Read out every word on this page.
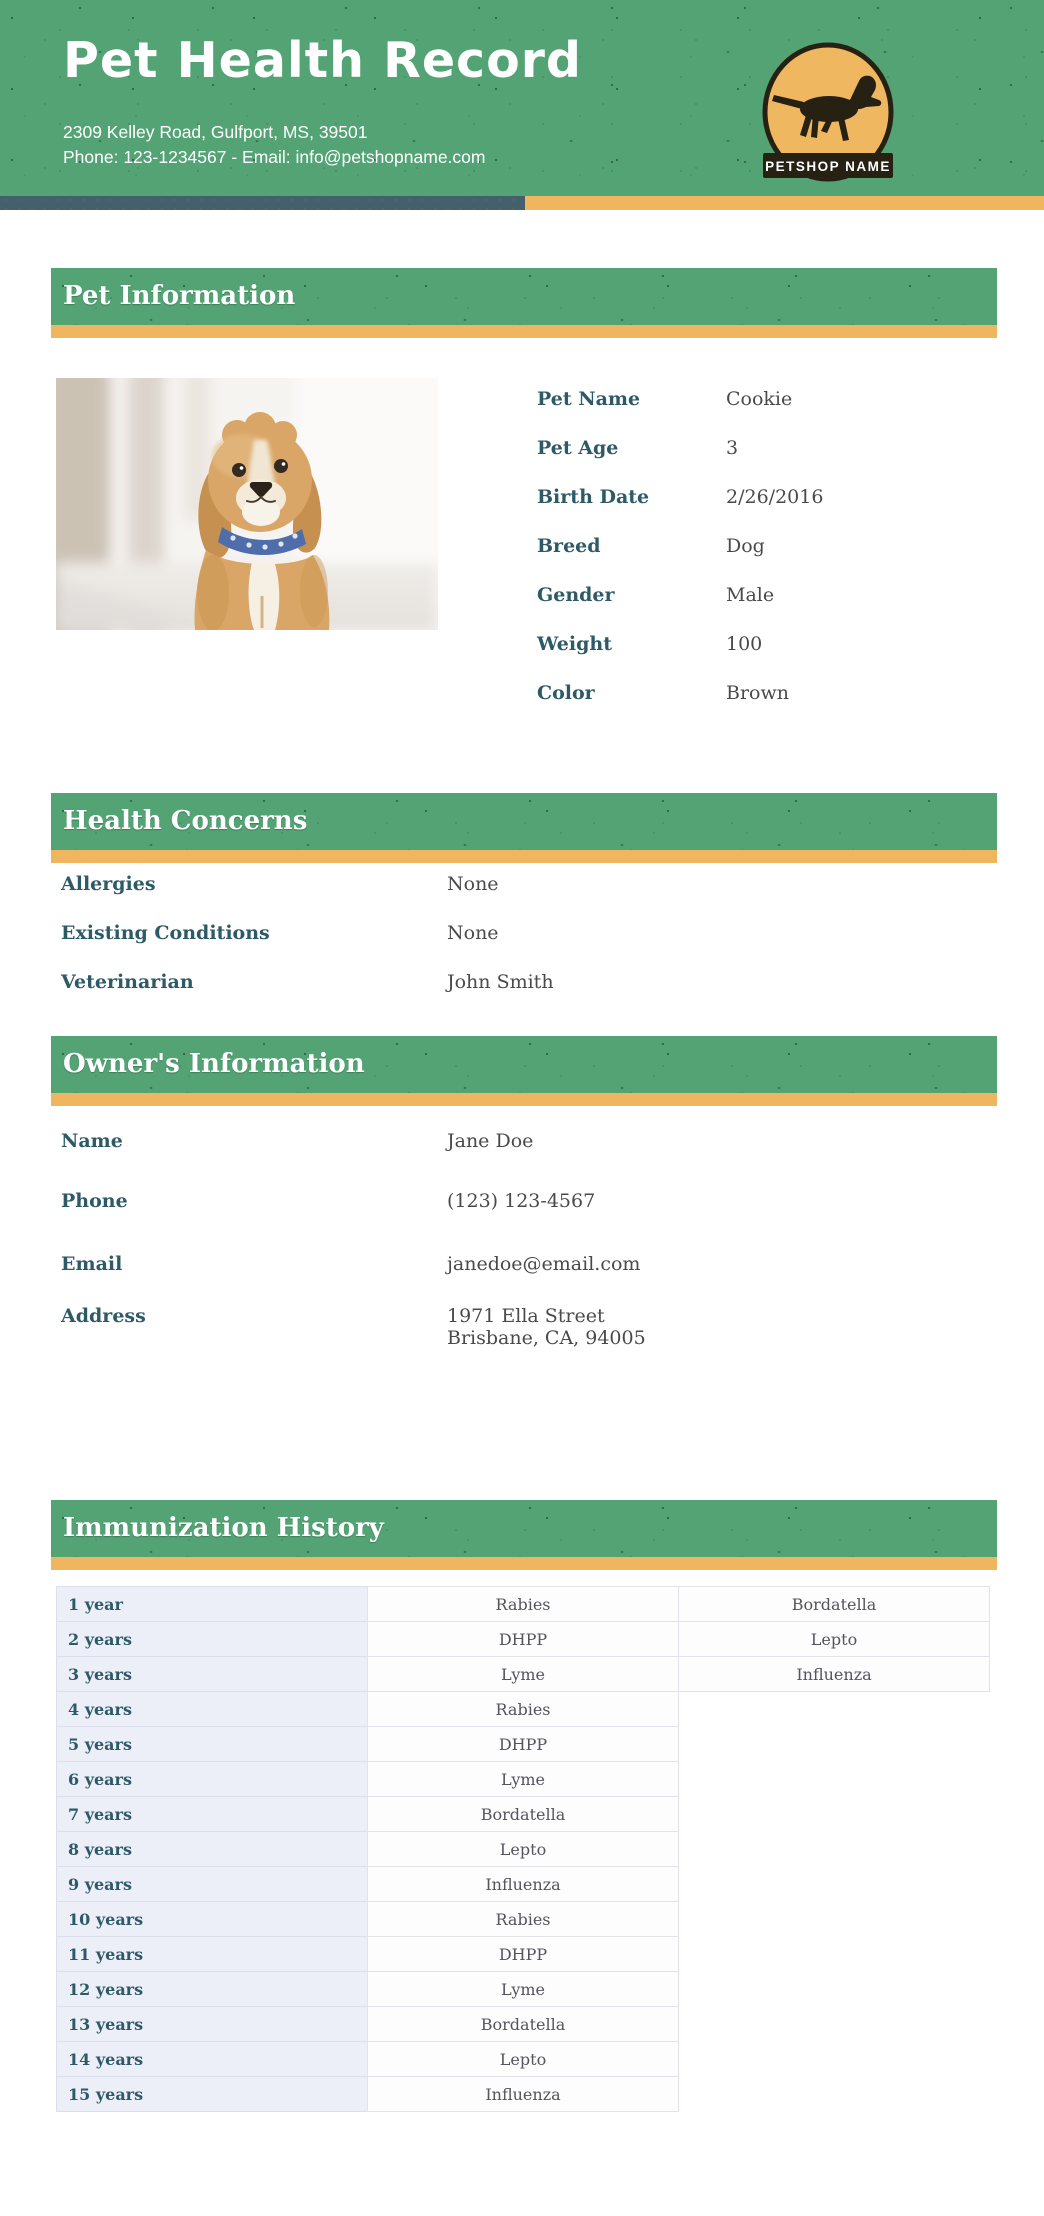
Pet Health Record
2309 Kelley Road, Gulfport, MS, 39501
Phone: 123-1234567 - Email: info@petshopname.com	PETSHOP NAME
Pet Information
Pet Name	Cookie
Pet Age	3
Birth Date	2/26/2016
Breed	Dog
Gender	Male
Weight	100
Color	Brown
Health Concerns
Allergies	None
Existing Conditions	None
Veterinarian	John Smith
Owner's Information
Name	Jane Doe
Phone	(123) 123-4567
Email	janedoe@email.com
Address	1971 Ella Street
Brisbane, CA, 94005
Immunization History
1 year	Rabies	Bordatella
2 years	DHPP	Lepto
3 years	Lyme	Influenza
4 years	Rabies
5 years	DHPP
6 years	Lyme
7 years	Bordatella
8 years	Lepto
9 years	Influenza
10 years	Rabies
11 years	DHPP
12 years	Lyme
13 years	Bordatella
14 years	Lepto
15 years	Influenza
